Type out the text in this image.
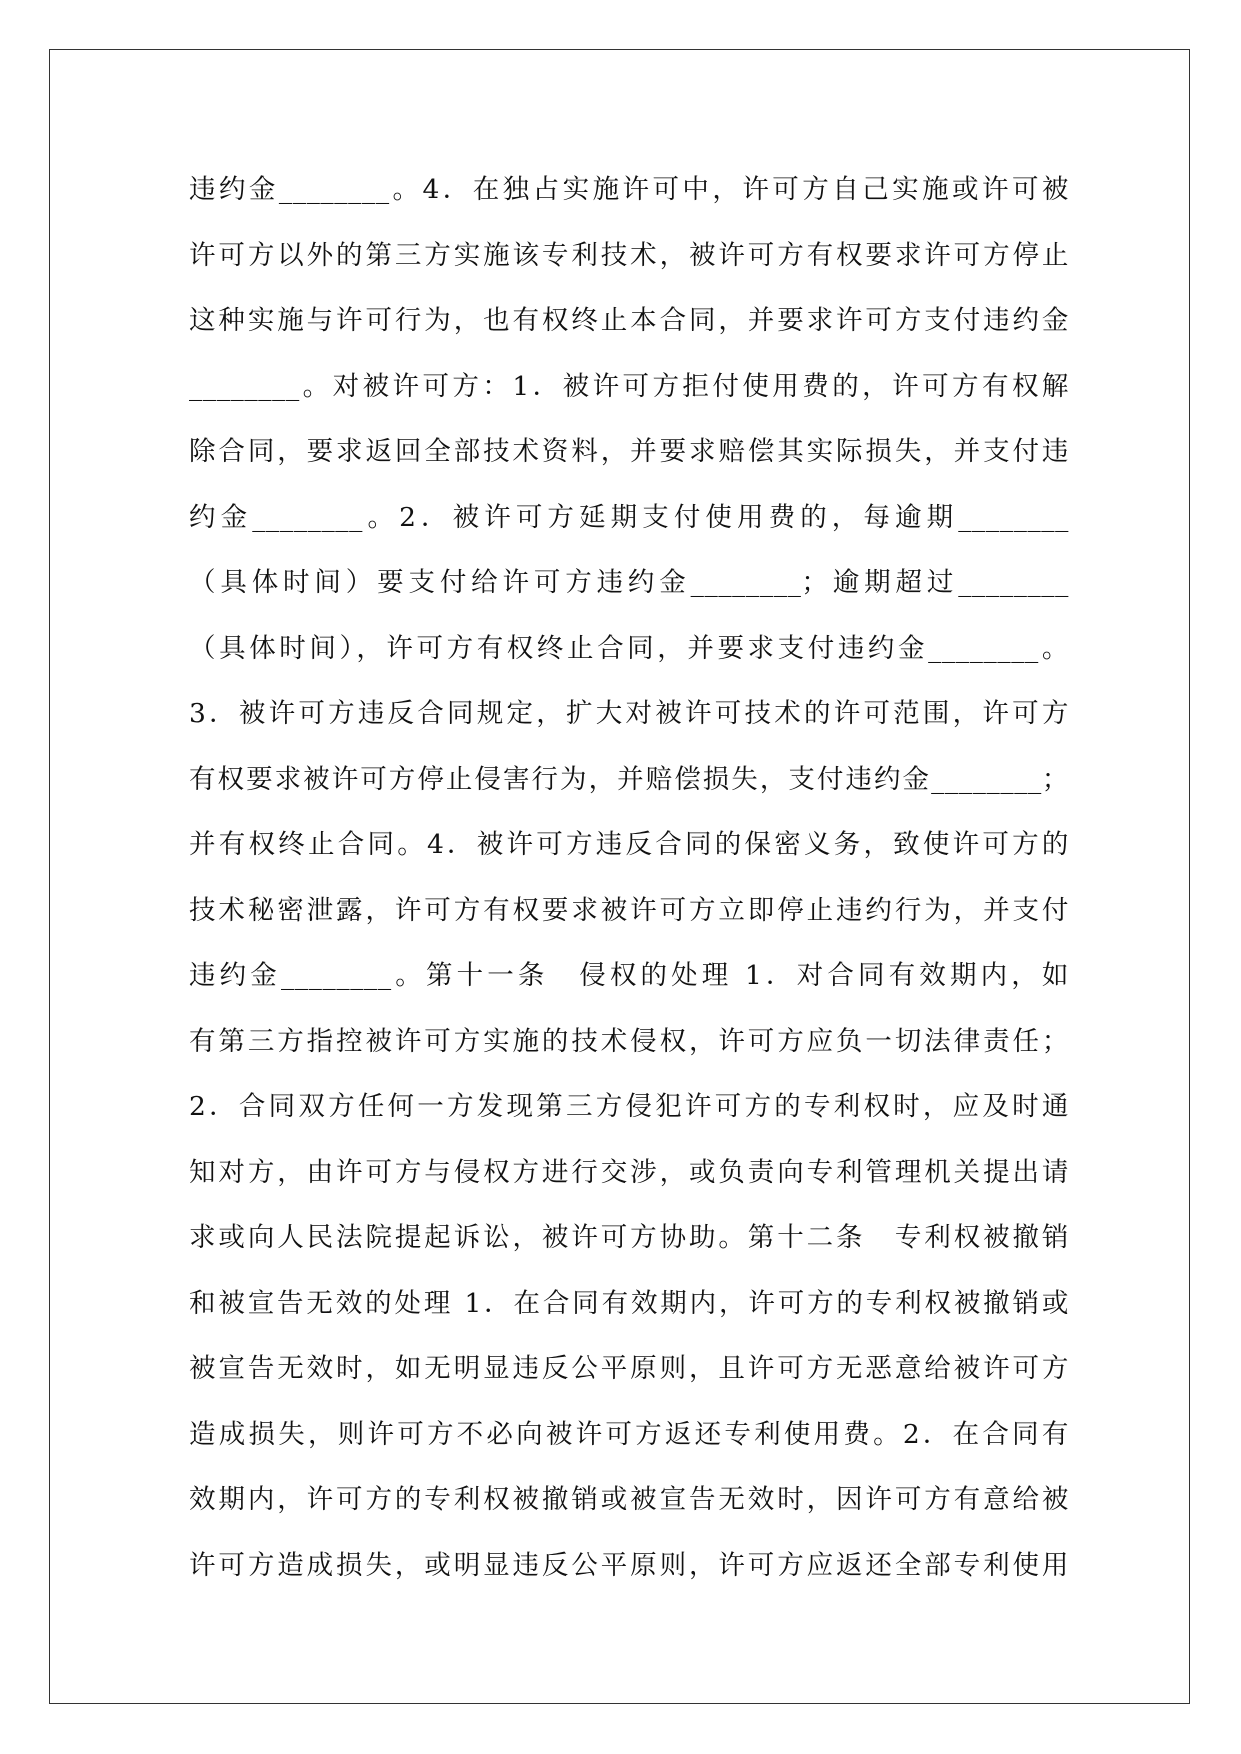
违约金________。4．在独占实施许可中，许可方自己实施或许可被
许可方以外的第三方实施该专利技术，被许可方有权要求许可方停止
这种实施与许可行为，也有权终止本合同，并要求许可方支付违约金
________。对被许可方：1．被许可方拒付使用费的，许可方有权解
除合同，要求返回全部技术资料，并要求赔偿其实际损失，并支付违
约金________。2．被许可方延期支付使用费的，每逾期________
（具体时间）要支付给许可方违约金________；逾期超过________
（具体时间），许可方有权终止合同，并要求支付违约金________。
3．被许可方违反合同规定，扩大对被许可技术的许可范围，许可方
有权要求被许可方停止侵害行为，并赔偿损失，支付违约金________；
并有权终止合同。4．被许可方违反合同的保密义务，致使许可方的
技术秘密泄露，许可方有权要求被许可方立即停止违约行为，并支付
违约金________。第十一条　侵权的处理 1．对合同有效期内，如
有第三方指控被许可方实施的技术侵权，许可方应负一切法律责任；
2．合同双方任何一方发现第三方侵犯许可方的专利权时，应及时通
知对方，由许可方与侵权方进行交涉，或负责向专利管理机关提出请
求或向人民法院提起诉讼，被许可方协助。第十二条　专利权被撤销
和被宣告无效的处理 1．在合同有效期内，许可方的专利权被撤销或
被宣告无效时，如无明显违反公平原则，且许可方无恶意给被许可方
造成损失，则许可方不必向被许可方返还专利使用费。2．在合同有
效期内，许可方的专利权被撤销或被宣告无效时，因许可方有意给被
许可方造成损失，或明显违反公平原则，许可方应返还全部专利使用
